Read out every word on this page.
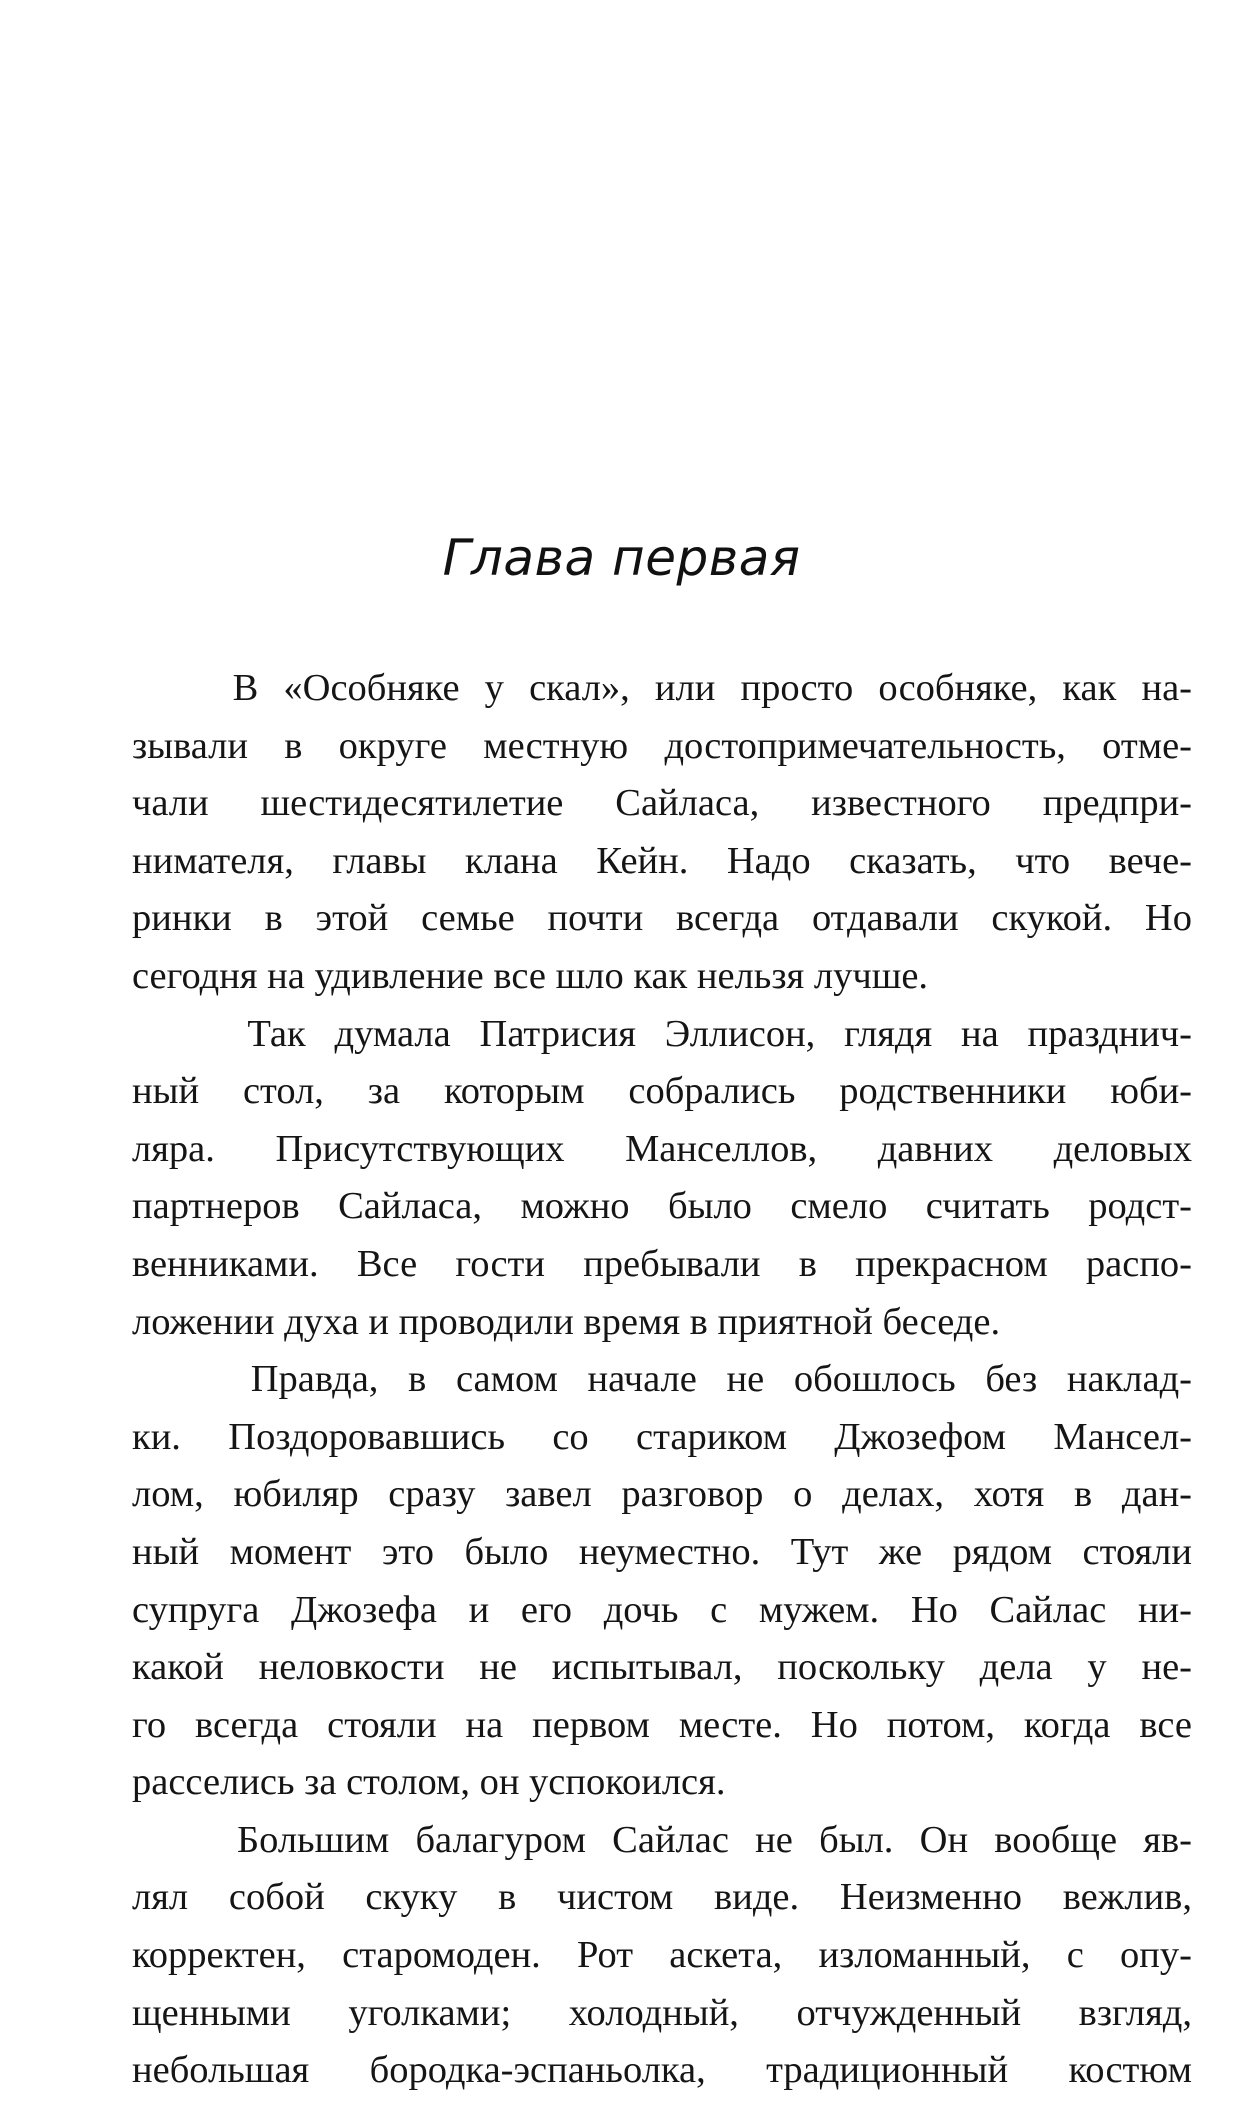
Глава первая
В «Особняке у скал», или просто особняке, как на-
зывали в округе местную достопримечательность, отме-
чали шестидесятилетие Сайласа, известного предпри-
нимателя, главы клана Кейн. Надо сказать, что вече-
ринки в этой семье почти всегда отдавали скукой. Но
сегодня на удивление все шло как нельзя лучше.
Так думала Патрисия Эллисон, глядя на празднич-
ный стол, за которым собрались родственники юби-
ляра. Присутствующих Манселлов, давних деловых
партнеров Сайласа, можно было смело считать родст-
венниками. Все гости пребывали в прекрасном распо-
ложении духа и проводили время в приятной беседе.
Правда, в самом начале не обошлось без наклад-
ки. Поздоровавшись со стариком Джозефом Мансел-
лом, юбиляр сразу завел разговор о делах, хотя в дан-
ный момент это было неуместно. Тут же рядом стояли
супруга Джозефа и его дочь с мужем. Но Сайлас ни-
какой неловкости не испытывал, поскольку дела у не-
го всегда стояли на первом месте. Но потом, когда все
расселись за столом, он успокоился.
Большим балагуром Сайлас не был. Он вообще яв-
лял собой скуку в чистом виде. Неизменно вежлив,
корректен, старомоден. Рот аскета, изломанный, с опу-
щенными уголками; холодный, отчужденный взгляд,
небольшая бородка-эспаньолка, традиционный костюм
